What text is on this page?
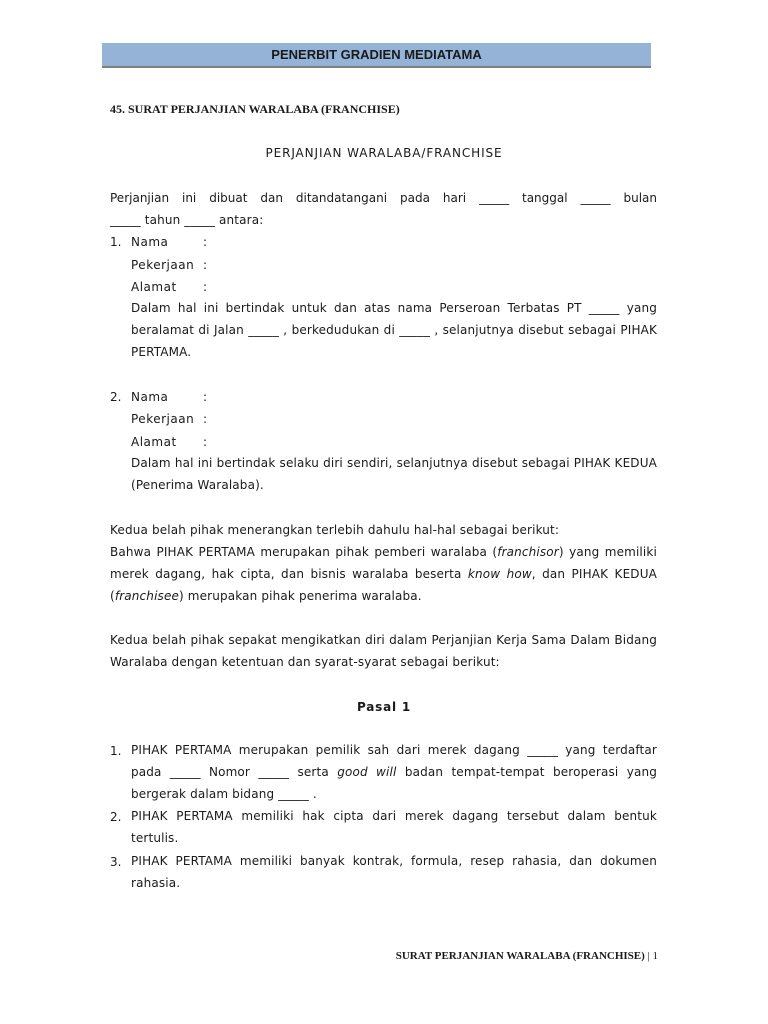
PENERBIT GRADIEN MEDIATAMA
45. SURAT PERJANJIAN WARALABA (FRANCHISE)
PERJANJIAN WARALABA/FRANCHISE
Perjanjian ini dibuat dan ditandatangani pada hari _____ tanggal _____ bulan
_____ tahun _____ antara:
1. Nama	:
Pekerjaan :
Alamat :
Dalam hal ini bertindak untuk dan atas nama Perseroan Terbatas PT _____ yang beralamat di Jalan _____ , berkedudukan di _____ , selanjutnya disebut sebagai PIHAK PERTAMA.
2. Nama	:
Pekerjaan :
Alamat :
Dalam hal ini bertindak selaku diri sendiri, selanjutnya disebut sebagai PIHAK KEDUA (Penerima Waralaba).
Kedua belah pihak menerangkan terlebih dahulu hal-hal sebagai berikut:
Bahwa PIHAK PERTAMA merupakan pihak pemberi waralaba (franchisor) yang memiliki merek dagang, hak cipta, dan bisnis waralaba beserta know how, dan PIHAK KEDUA (franchisee) merupakan pihak penerima waralaba.
Kedua belah pihak sepakat mengikatkan diri dalam Perjanjian Kerja Sama Dalam Bidang Waralaba dengan ketentuan dan syarat-syarat sebagai berikut:
Pasal 1
1. PIHAK PERTAMA merupakan pemilik sah dari merek dagang _____ yang terdaftar pada _____ Nomor _____ serta good will badan tempat-tempat beroperasi yang bergerak dalam bidang _____ .
2. PIHAK PERTAMA memiliki hak cipta dari merek dagang tersebut dalam bentuk tertulis.
3. PIHAK PERTAMA memiliki banyak kontrak, formula, resep rahasia, dan dokumen rahasia.
SURAT PERJANJIAN WARALABA (FRANCHISE) | 1
